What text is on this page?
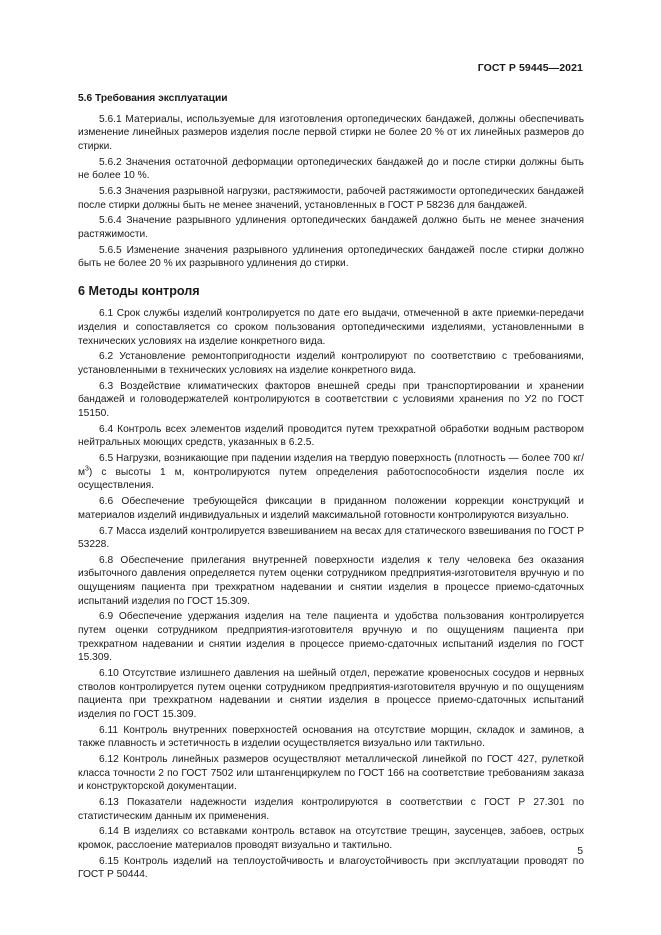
ГОСТ Р 59445—2021
5.6 Требования эксплуатации

5.6.1 Материалы, используемые для изготовления ортопедических бандажей, должны обеспечивать изменение линейных размеров изделия после первой стирки не более 20 % от их линейных размеров до стирки.

5.6.2 Значения остаточной деформации ортопедических бандажей до и после стирки должны быть не более 10 %.

5.6.3 Значения разрывной нагрузки, растяжимости, рабочей растяжимости ортопедических бандажей после стирки должны быть не менее значений, установленных в ГОСТ Р 58236 для бандажей.

5.6.4 Значение разрывного удлинения ортопедических бандажей должно быть не менее значения растяжимости.

5.6.5 Изменение значения разрывного удлинения ортопедических бандажей после стирки должно быть не более 20 % их разрывного удлинения до стирки.

6 Методы контроля

6.1 Срок службы изделий контролируется по дате его выдачи, отмеченной в акте приемки-передачи изделия и сопоставляется со сроком пользования ортопедическими изделиями, установленными в технических условиях на изделие конкретного вида.

6.2 Установление ремонтопригодности изделий контролируют по соответствию с требованиями, установленными в технических условиях на изделие конкретного вида.

6.3 Воздействие климатических факторов внешней среды при транспортировании и хранении бандажей и головодержателей контролируются в соответствии с условиями хранения по У2 по ГОСТ 15150.

6.4 Контроль всех элементов изделий проводится путем трехкратной обработки водным раствором нейтральных моющих средств, указанных в 6.2.5.

6.5 Нагрузки, возникающие при падении изделия на твердую поверхность (плотность — более 700 $кг/м^3$) с высоты 1 м, контролируются путем определения работоспособности изделия после их осуществления.

6.6 Обеспечение требующейся фиксации в приданном положении коррекции конструкций и материалов изделий индивидуальных и изделий максимальной готовности контролируются визуально.

6.7 Масса изделий контролируется взвешиванием на весах для статического взвешивания по ГОСТ Р 53228.

6.8 Обеспечение прилегания внутренней поверхности изделия к телу человека без оказания избыточного давления определяется путем оценки сотрудником предприятия-изготовителя вручную и по ощущениям пациента при трехкратном надевании и снятии изделия в процессе приемо-сдаточных испытаний изделия по ГОСТ 15.309.

6.9 Обеспечение удержания изделия на теле пациента и удобства пользования контролируется путем оценки сотрудником предприятия-изготовителя вручную и по ощущениям пациента при трехкратном надевании и снятии изделия в процессе приемо-сдаточных испытаний изделия по ГОСТ 15.309.

6.10 Отсутствие излишнего давления на шейный отдел, пережатие кровеносных сосудов и нервных стволов контролируется путем оценки сотрудником предприятия-изготовителя вручную и по ощущениям пациента при трехкратном надевании и снятии изделия в процессе приемо-сдаточных испытаний изделия по ГОСТ 15.309.

6.11 Контроль внутренних поверхностей основания на отсутствие морщин, складок и заминов, а также плавность и эстетичность в изделии осуществляется визуально или тактильно.

6.12 Контроль линейных размеров осуществляют металлической линейкой по ГОСТ 427, рулеткой класса точности 2 по ГОСТ 7502 или штангенциркулем по ГОСТ 166 на соответствие требованиям заказа и конструкторской документации.

6.13 Показатели надежности изделия контролируются в соответствии с ГОСТ Р 27.301 по статистическим данным их применения.

6.14 В изделиях со вставками контроль вставок на отсутствие трещин, заусенцев, забоев, острых кромок, расслоение материалов проводят визуально и тактильно.

6.15 Контроль изделий на теплоустойчивость и влагоустойчивость при эксплуатации проводят по ГОСТ Р 50444.

5
